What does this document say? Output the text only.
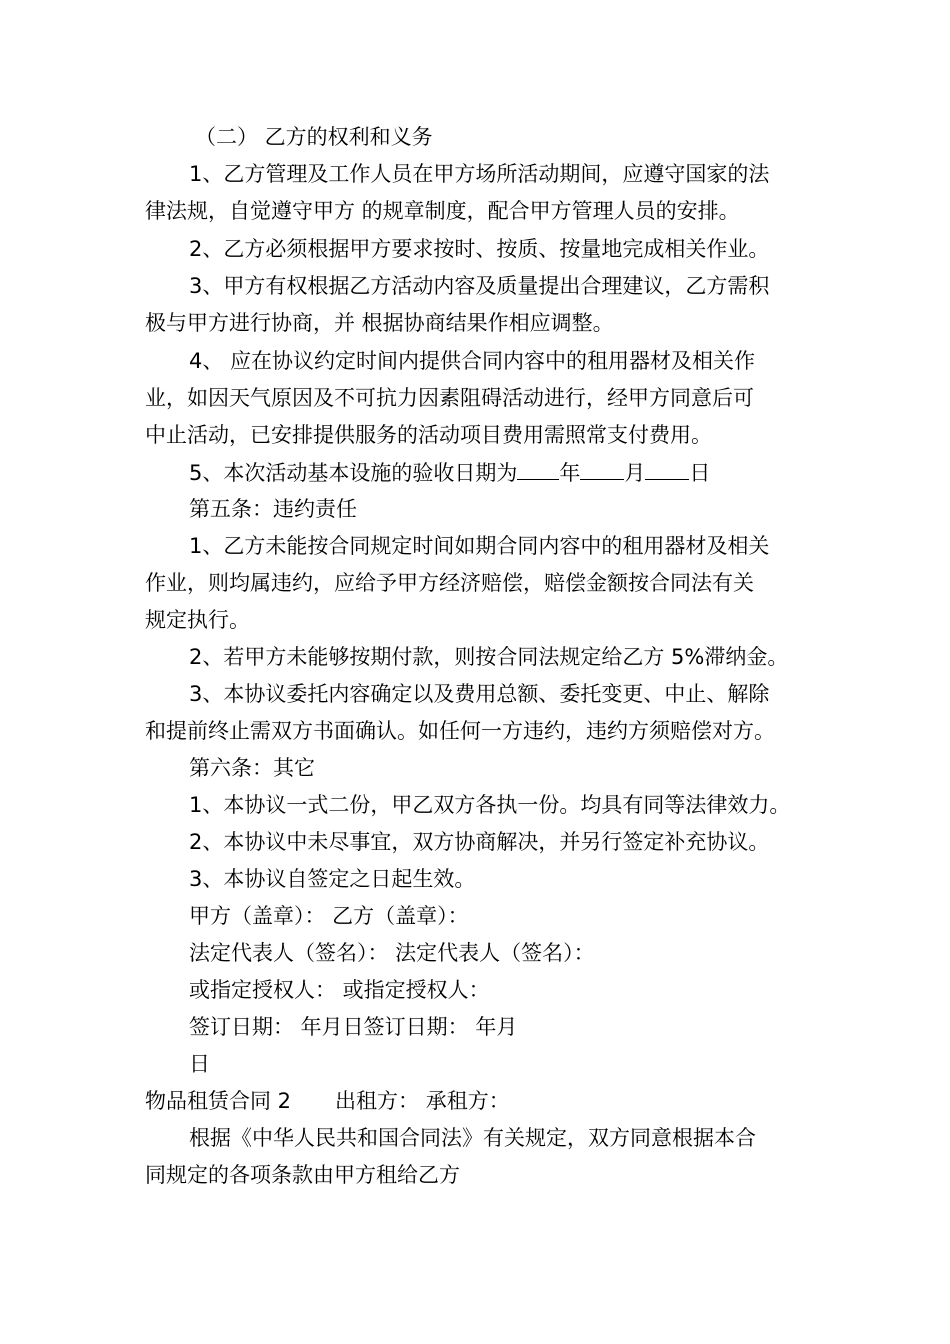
（二） 乙方的权利和义务

1、乙方管理及工作人员在甲方场所活动期间，应遵守国家的法

律法规，自觉遵守甲方 的规章制度，配合甲方管理人员的安排。

2、乙方必须根据甲方要求按时、按质、按量地完成相关作业。

3、甲方有权根据乙方活动内容及质量提出合理建议，乙方需积

极与甲方进行协商，并 根据协商结果作相应调整。

4、 应在协议约定时间内提供合同内容中的租用器材及相关作

业，如因天气原因及不可抗力因素阻碍活动进行，经甲方同意后可

中止活动，已安排提供服务的活动项目费用需照常支付费用。

5、本次活动基本设施的验收日期为 年 月 日

第五条：违约责任

1、乙方未能按合同规定时间如期合同内容中的租用器材及相关

作业，则均属违约，应给予甲方经济赔偿，赔偿金额按合同法有关

规定执行。

2、若甲方未能够按期付款，则按合同法规定给乙方 5%滞纳金。

3、本协议委托内容确定以及费用总额、委托变更、中止、解除

和提前终止需双方书面确认。如任何一方违约，违约方须赔偿对方。

第六条：其它

1、本协议一式二份，甲乙双方各执一份。均具有同等法律效力。

2、本协议中未尽事宜，双方协商解决，并另行签定补充协议。

3、本协议自签定之日起生效。

甲方（盖章）： 乙方（盖章）：

法定代表人（签名）： 法定代表人（签名）：

或指定授权人： 或指定授权人：

签订日期： 年月日签订日期： 年月

日

物品租赁合同 2 出租方： 承租方：

根据《中华人民共和国合同法》有关规定，双方同意根据本合

同规定的各项条款由甲方租给乙方
